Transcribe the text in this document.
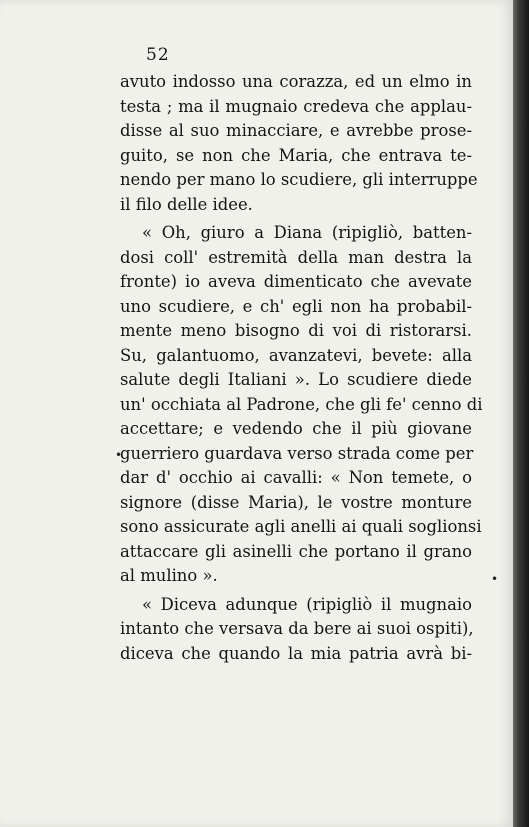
52
avuto indosso una corazza, ed un elmo in
testa ; ma il mugnaio credeva che applau-
disse al suo minacciare, e avrebbe prose-
guito, se non che Maria, che entrava te-
nendo per mano lo scudiere, gli interruppe
il filo delle idee.
« Oh, giuro a Diana (ripigliò, batten-
dosi coll' estremità della man destra la
fronte) io aveva dimenticato che avevate
uno scudiere, e ch' egli non ha probabil-
mente meno bisogno di voi di ristorarsi.
Su, galantuomo, avanzatevi, bevete: alla
salute degli Italiani ». Lo scudiere diede
un' occhiata al Padrone, che gli fe' cenno di
accettare; e vedendo che il più giovane
guerriero guardava verso strada come per
dar d' occhio ai cavalli: « Non temete, o
signore (disse Maria), le vostre monture
sono assicurate agli anelli ai quali soglionsi
attaccare gli asinelli che portano il grano
al mulino ».
« Diceva adunque (ripigliò il mugnaio
intanto che versava da bere ai suoi ospiti),
diceva che quando la mia patria avrà bi-
•
•
